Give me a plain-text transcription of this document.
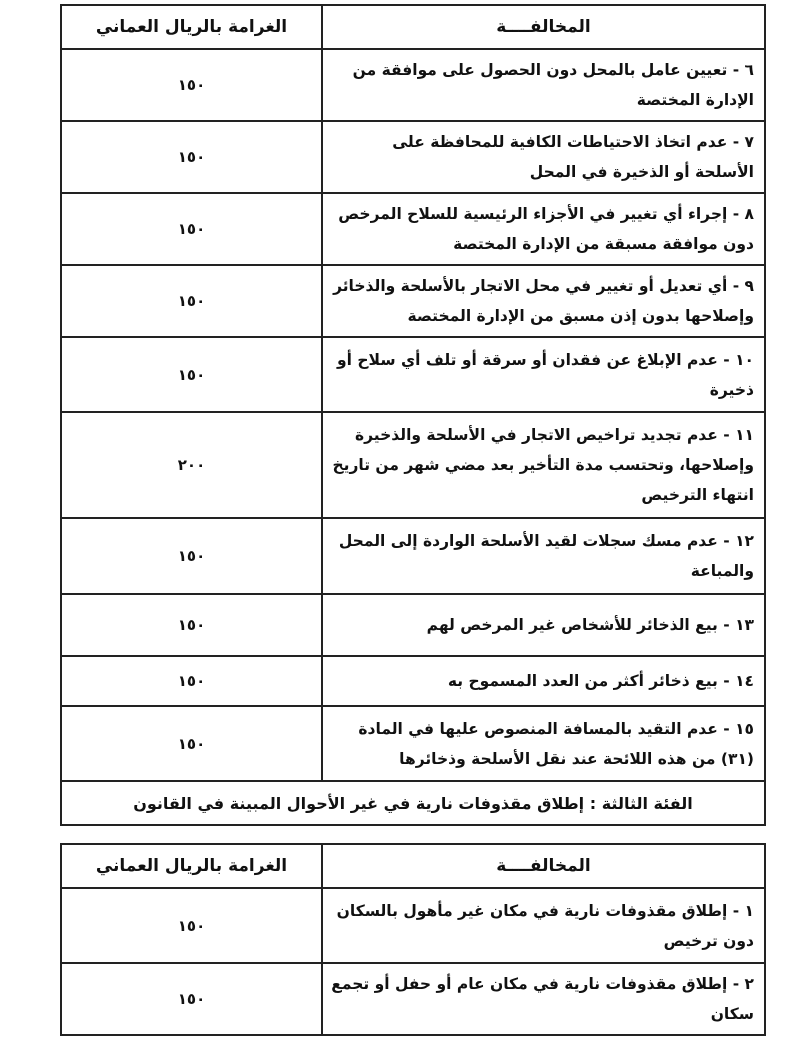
المخالفــــة	الغرامة بالريال العماني
٦ - تعيين عامل بالمحل دون الحصول على موافقة من الإدارة المختصة	١٥٠
٧ - عدم اتخاذ الاحتياطات الكافية للمحافظة على الأسلحة أو الذخيرة في المحل	١٥٠
٨ - إجراء أي تغيير في الأجزاء الرئيسية للسلاح المرخص دون موافقة مسبقة من الإدارة المختصة	١٥٠
٩ - أي تعديل أو تغيير في محل الاتجار بالأسلحة والذخائر وإصلاحها بدون إذن مسبق من الإدارة المختصة	١٥٠
١٠ - عدم الإبلاغ عن فقدان أو سرقة أو تلف أي سلاح أو ذخيرة	١٥٠
١١ - عدم تجديد تراخيص الاتجار في الأسلحة والذخيرة وإصلاحها، وتحتسب مدة التأخير بعد مضي شهر من تاريخ انتهاء الترخيص	٢٠٠
١٢ - عدم مسك سجلات لقيد الأسلحة الواردة إلى المحل والمباعة	١٥٠
١٣ - بيع الذخائر للأشخاص غير المرخص لهم	١٥٠
١٤ - بيع ذخائر أكثر من العدد المسموح به	١٥٠
١٥ - عدم التقيد بالمسافة المنصوص عليها في المادة (٣١) من هذه اللائحة عند نقل الأسلحة وذخائرها	١٥٠
الفئة الثالثة : إطلاق مقذوفات نارية في غير الأحوال المبينة في القانون	
المخالفــــة	الغرامة بالريال العماني
١ - إطلاق مقذوفات نارية في مكان غير مأهول بالسكان دون ترخيص	١٥٠
٢ - إطلاق مقذوفات نارية في مكان عام أو حفل أو تجمع سكان	١٥٠
